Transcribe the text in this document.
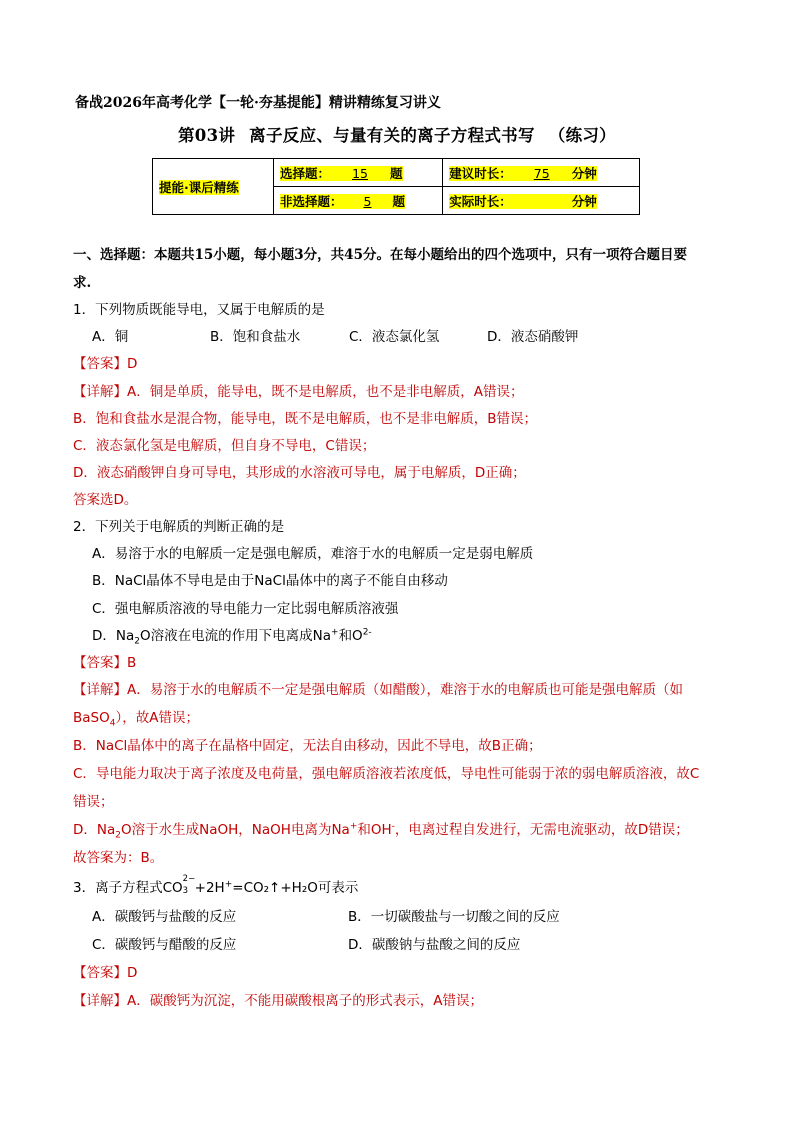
备战2026年高考化学【一轮·夯基提能】精讲精练复习讲义
第03讲 离子反应、与量有关的离子方程式书写 （练习）
提能·课后精练	选择题： 15 题	建议时长： 75 分钟
	非选择题： 5 题	实际时长： 分钟
一、选择题：本题共15小题，每小题3分，共45分。在每小题给出的四个选项中，只有一项符合题目要
求.
1．下列物质既能导电，又属于电解质的是
A．铜	B．饱和食盐水	C．液态氯化氢	D．液态硝酸钾
【答案】D
【详解】A．铜是单质，能导电，既不是电解质，也不是非电解质，A错误；
B．饱和食盐水是混合物，能导电，既不是电解质，也不是非电解质，B错误；
C．液态氯化氢是电解质，但自身不导电，C错误；
D．液态硝酸钾自身可导电，其形成的水溶液可导电，属于电解质，D正确；
答案选D。
2．下列关于电解质的判断正确的是
A．易溶于水的电解质一定是强电解质，难溶于水的电解质一定是弱电解质
B．NaCl晶体不导电是由于NaCl晶体中的离子不能自由移动
C．强电解质溶液的导电能力一定比弱电解质溶液强
D．$Na_2O$溶液在电流的作用下电离成Na+和$O^{2-}$
【答案】B
【详解】A．易溶于水的电解质不一定是强电解质（如醋酸），难溶于水的电解质也可能是强电解质（如
BaSO$_4$），故A错误；
B．NaCl晶体中的离子在晶格中固定，无法自由移动，因此不导电，故B正确；
C．导电能力取决于离子浓度及电荷量，强电解质溶液若浓度低，导电性可能弱于浓的弱电解质溶液，故C
错误；
D．$Na_2O$溶于水生成NaOH，NaOH电离为Na+和OH-，电离过程自发进行，无需电流驱动，故D错误；
故答案为：B。
3．离子方程式CO
2−
3 +2H+=CO₂↑+H₂O可表示
A．碳酸钙与盐酸的反应	B．一切碳酸盐与一切酸之间的反应
C．碳酸钙与醋酸的反应	D．碳酸钠与盐酸之间的反应
【答案】D
【详解】A．碳酸钙为沉淀，不能用碳酸根离子的形式表示，A错误；
